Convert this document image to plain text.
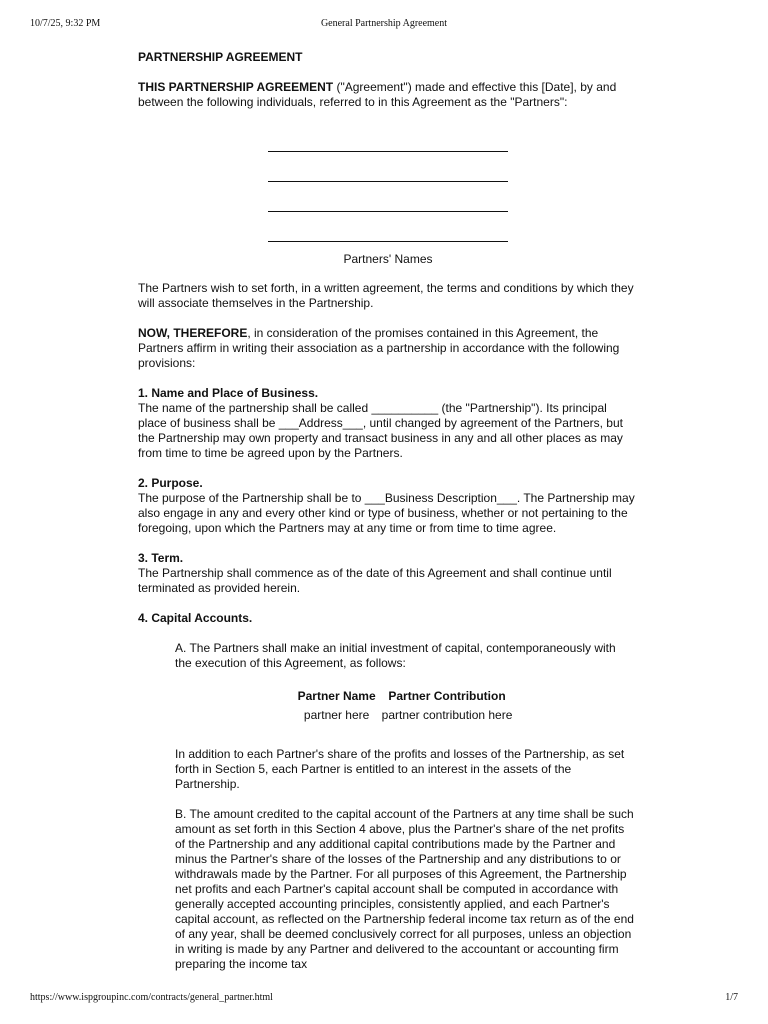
10/7/25, 9:32 PM	General Partnership Agreement

PARTNERSHIP AGREEMENT

THIS PARTNERSHIP AGREEMENT ("Agreement") made and effective this [Date], by and between the following individuals, referred to in this Agreement as the "Partners":

Partners' Names

The Partners wish to set forth, in a written agreement, the terms and conditions by which they will associate themselves in the Partnership.

NOW, THEREFORE, in consideration of the promises contained in this Agreement, the Partners affirm in writing their association as a partnership in accordance with the following provisions:

1. Name and Place of Business.

The name of the partnership shall be called __________ (the "Partnership"). Its principal place of business shall be ___Address___, until changed by agreement of the Partners, but the Partnership may own property and transact business in any and all other places as may from time to time be agreed upon by the Partners.

2. Purpose.

The purpose of the Partnership shall be to ___Business Description___. The Partnership may also engage in any and every other kind or type of business, whether or not pertaining to the foregoing, upon which the Partners may at any time or from time to time agree.

3. Term.

The Partnership shall commence as of the date of this Agreement and shall continue until terminated as provided herein.

4. Capital Accounts.

A. The Partners shall make an initial investment of capital, contemporaneously with the execution of this Agreement, as follows:

Partner Name	Partner Contribution
partner here	partner contribution here

In addition to each Partner's share of the profits and losses of the Partnership, as set forth in Section 5, each Partner is entitled to an interest in the assets of the Partnership.

B. The amount credited to the capital account of the Partners at any time shall be such amount as set forth in this Section 4 above, plus the Partner's share of the net profits of the Partnership and any additional capital contributions made by the Partner and minus the Partner's share of the losses of the Partnership and any distributions to or withdrawals made by the Partner. For all purposes of this Agreement, the Partnership net profits and each Partner's capital account shall be computed in accordance with generally accepted accounting principles, consistently applied, and each Partner's capital account, as reflected on the Partnership federal income tax return as of the end of any year, shall be deemed conclusively correct for all purposes, unless an objection in writing is made by any Partner and delivered to the accountant or accounting firm preparing the income tax

https://www.ispgroupinc.com/contracts/general_partner.html	1/7
